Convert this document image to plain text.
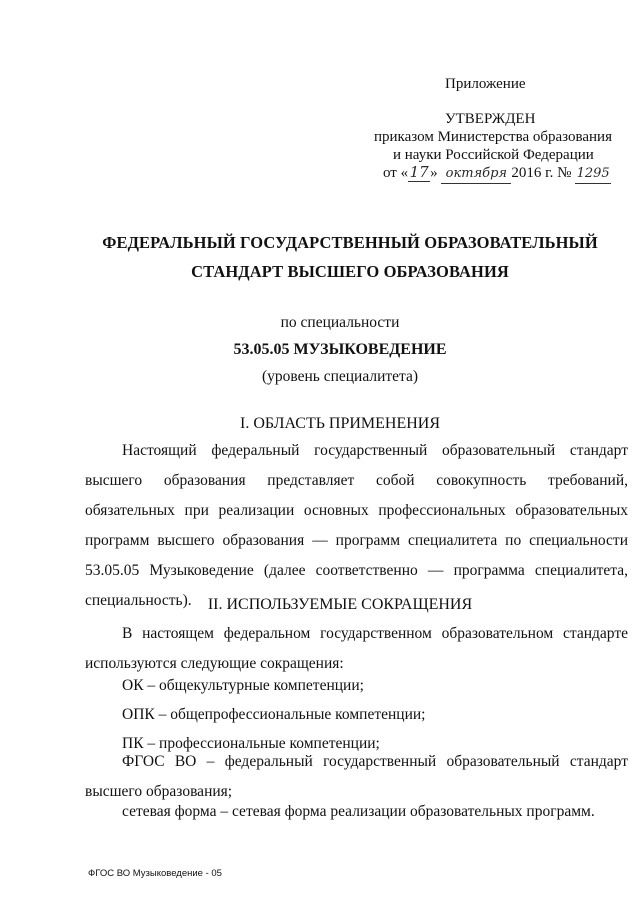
Приложение
УТВЕРЖДЕН
приказом Министерства образования
и науки Российской Федерации
от «17» октября 2016 г. № 1295
ФЕДЕРАЛЬНЫЙ ГОСУДАРСТВЕННЫЙ ОБРАЗОВАТЕЛЬНЫЙ
СТАНДАРТ ВЫСШЕГО ОБРАЗОВАНИЯ
по специальности
53.05.05 МУЗЫКОВЕДЕНИЕ
(уровень специалитета)
I. ОБЛАСТЬ ПРИМЕНЕНИЯ
Настоящий федеральный государственный образовательный стандарт высшего образования представляет собой совокупность требований, обязательных при реализации основных профессиональных образовательных программ высшего образования — программ специалитета по специальности 53.05.05 Музыковедение (далее соответственно — программа специалитета, специальность).	II. ИСПОЛЬЗУЕМЫЕ СОКРАЩЕНИЯ
В настоящем федеральном государственном образовательном стандарте используются следующие сокращения:
ОК – общекультурные компетенции;
ОПК – общепрофессиональные компетенции;
ПК – профессиональные компетенции;
ФГОС ВО – федеральный государственный образовательный стандарт высшего образования;
сетевая форма – сетевая форма реализации образовательных программ.
ФГОС ВО Музыковедение - 05
